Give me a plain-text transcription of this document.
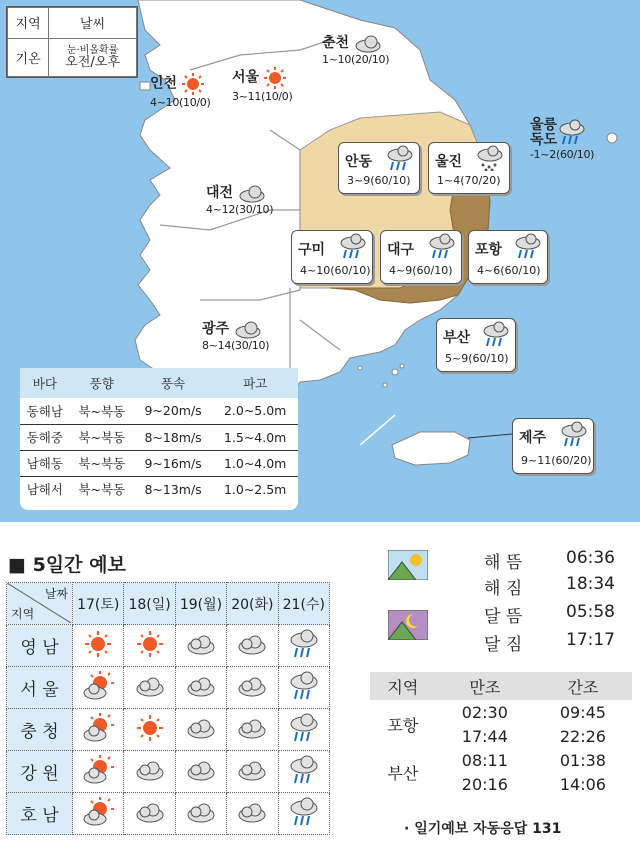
지역	날씨
기온	눈·비올확률
오전/오후
춘천
1~10(20/10)
인천
4~10(10/0)
서울
3~11(10/0)
울릉
독도
-1~2(60/10)
대전
4~12(30/10)
광주
8~14(30/10)
안동
3~9(60/10)
울진
1~4(70/20)
구미
4~10(60/10)
대구
4~9(60/10)
포항
4~6(60/10)
부산
5~9(60/10)
제주
9~11(60/20)
바다	풍향	풍속	파고
동해남	북~북동	9~20m/s	2.0~5.0m
동해중	북~북동	8~18m/s	1.5~4.0m
남해동	북~북동	9~16m/s	1.0~4.0m
남해서	북~북동	8~13m/s	1.0~2.5m
■ 5일간 예보
날짜
지역	17(토)	18(일)	19(월)	20(화)	21(수)
영 남					
서 울					
충 청					
강 원					
호 남					
해 뜸	06:36
해 짐	18:34
달 뜸	05:58
달 짐	17:17
지역	만조	간조
포항	02:30	09:45
	17:44	22:26
부산	08:11	01:38
	20:16	14:06
· 일기예보 자동응답 131
